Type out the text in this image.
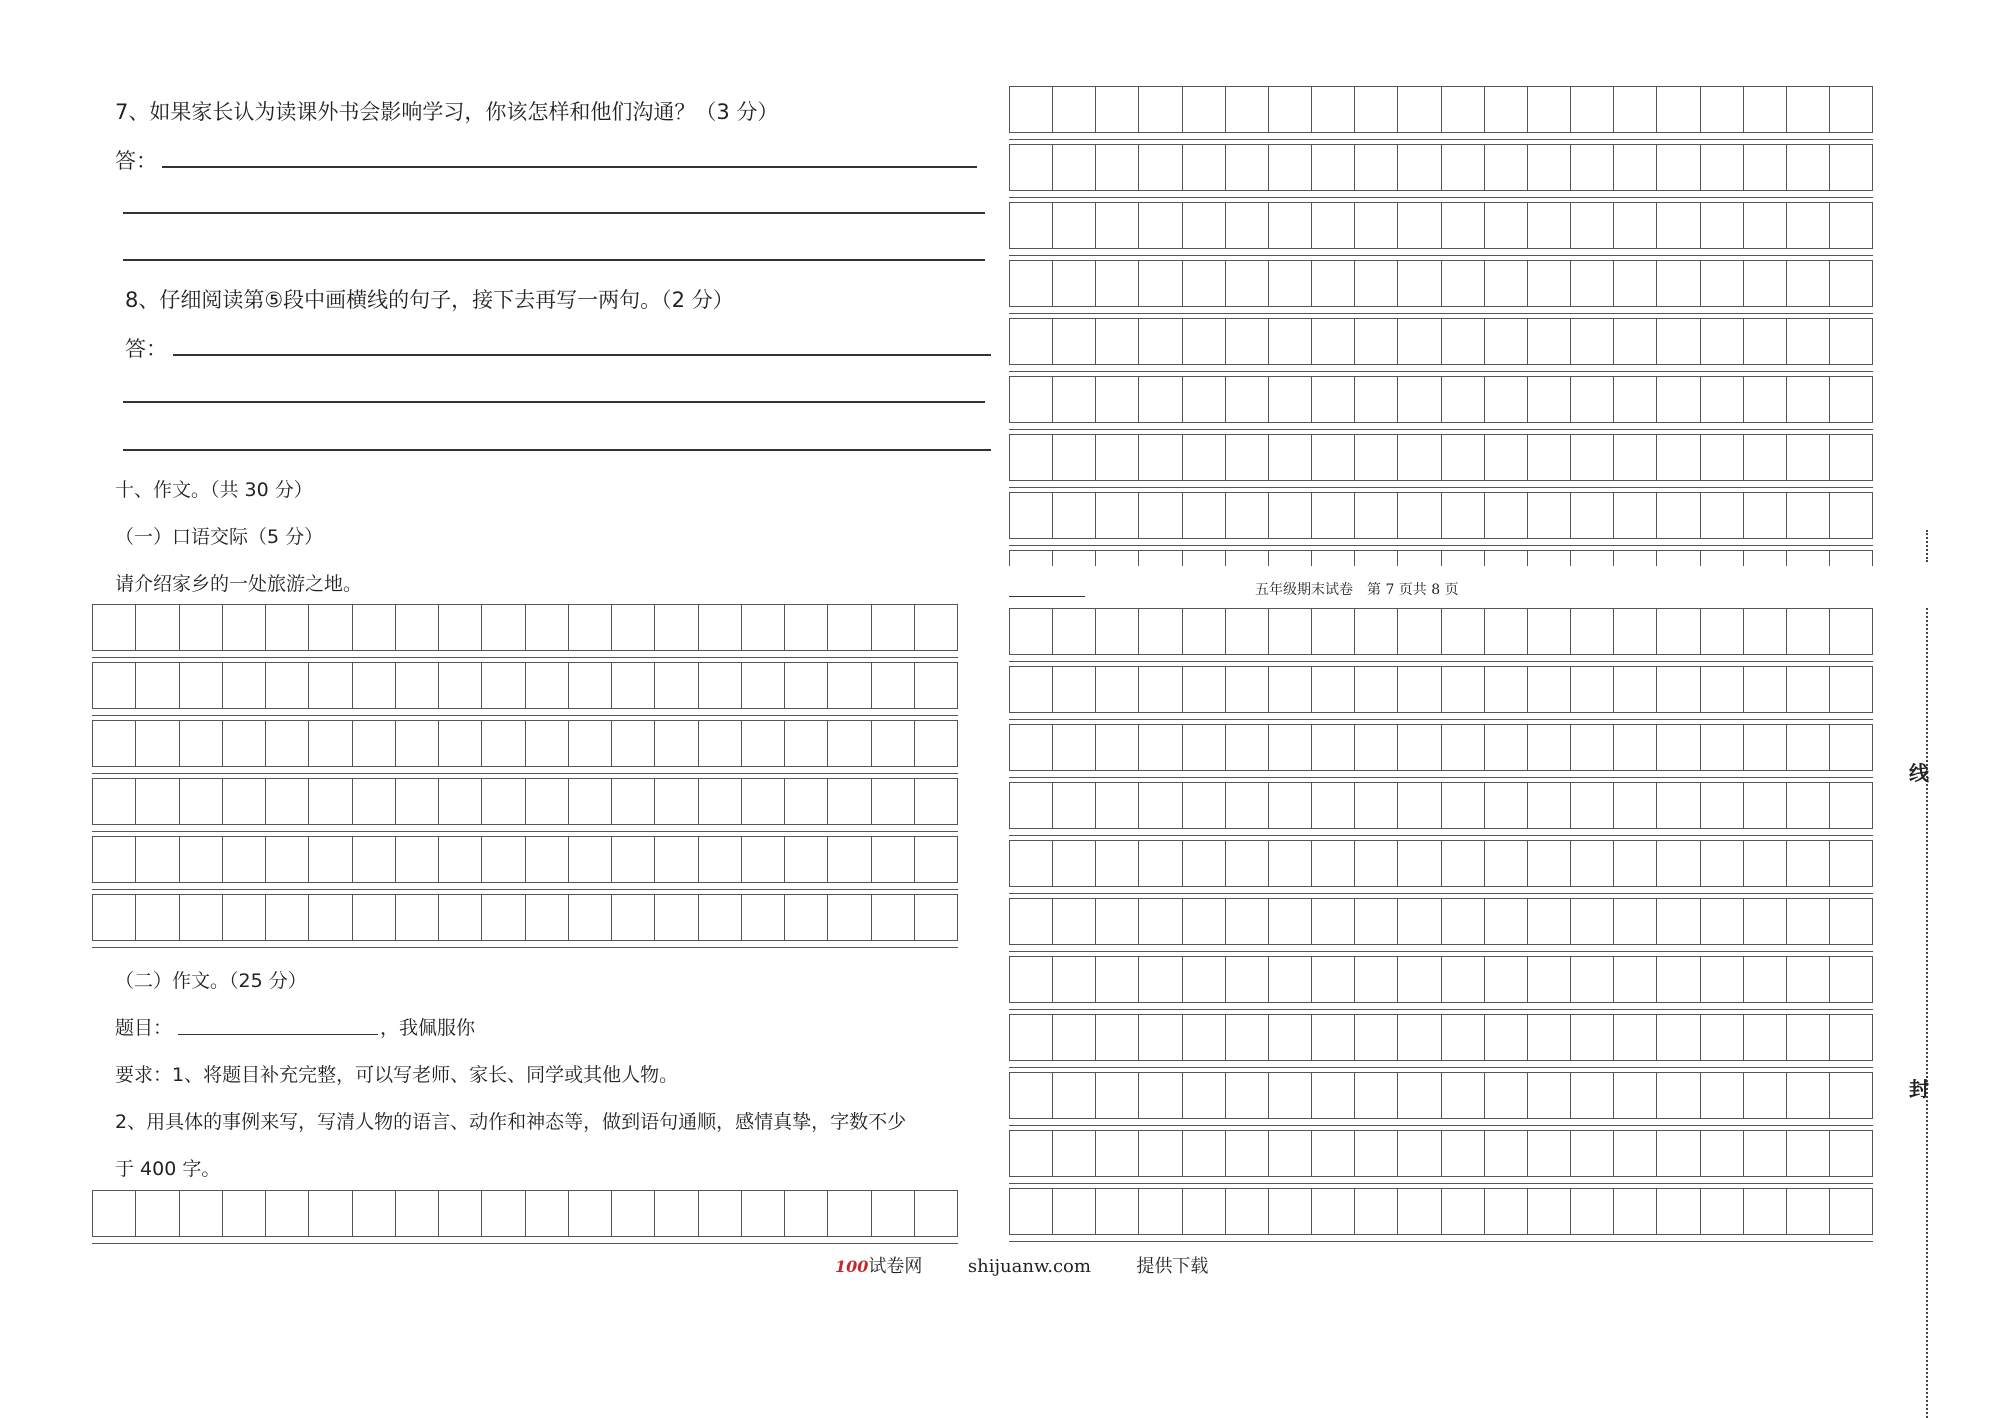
7、如果家长认为读课外书会影响学习，你该怎样和他们沟通？（3 分）
答：
8、仔细阅读第⑤段中画横线的句子，接下去再写一两句。（2 分）
答：
十、作文。（共 30 分）
（一）口语交际（5 分）
请介绍家乡的一处旅游之地。
（二）作文。（25 分）
题目：	，我佩服你
要求：1、将题目补充完整，可以写老师、家长、同学或其他人物。
2、用具体的事例来写，写清人物的语言、动作和神态等，做到语句通顺，感情真挚，字数不少
于 400 字。
五年级期末试卷　第 7 页共 8 页
100试卷网	shijuanw.com	提供下载
线
封
